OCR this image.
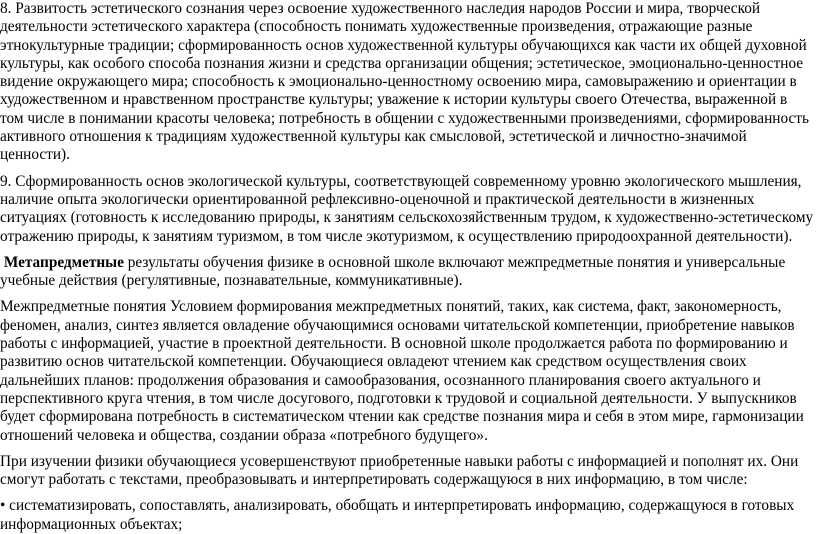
8. Развитость эстетического сознания через освоение художественного наследия народов России и мира, творческой деятельности эстетического характера (способность понимать художественные произведения, отражающие разные этнокультурные традиции; сформированность основ художественной культуры обучающихся как части их общей духовной культуры, как особого способа познания жизни и средства организации общения; эстетическое, эмоционально-ценностное видение окружающего мира; способность к эмоционально-ценностному освоению мира, самовыражению и ориентации в художественном и нравственном пространстве культуры; уважение к истории культуры своего Отечества, выраженной в том числе в понимании красоты человека; потребность в общении с художественными произведениями, сформированность активного отношения к традициям художественной культуры как смысловой, эстетической и личностно-значимой ценности).

9. Сформированность основ экологической культуры, соответствующей современному уровню экологического мышления, наличие опыта экологически ориентированной рефлексивно-оценочной и практической деятельности в жизненных ситуациях (готовность к исследованию природы, к занятиям сельскохозяйственным трудом, к художественно-эстетическому отражению природы, к занятиям туризмом, в том числе экотуризмом, к осуществлению природоохранной деятельности).

Метапредметные результаты обучения физике в основной школе включают межпредметные понятия и универсальные учебные действия (регулятивные, познавательные, коммуникативные).

Межпредметные понятия Условием формирования межпредметных понятий, таких, как система, факт, закономерность, феномен, анализ, синтез является овладение обучающимися основами читательской компетенции, приобретение навыков работы с информацией, участие в проектной деятельности. В основной школе продолжается работа по формированию и развитию основ читательской компетенции. Обучающиеся овладеют чтением как средством осуществления своих дальнейших планов: продолжения образования и самообразования, осознанного планирования своего актуального и перспективного круга чтения, в том числе досугового, подготовки к трудовой и социальной деятельности. У выпускников будет сформирована потребность в систематическом чтении как средстве познания мира и себя в этом мире, гармонизации отношений человека и общества, создании образа «потребного будущего».

При изучении физики обучающиеся усовершенствуют приобретенные навыки работы с информацией и пополнят их. Они смогут работать с текстами, преобразовывать и интерпретировать содержащуюся в них информацию, в том числе:

• систематизировать, сопоставлять, анализировать, обобщать и интерпретировать информацию, содержащуюся в готовых информационных объектах;
